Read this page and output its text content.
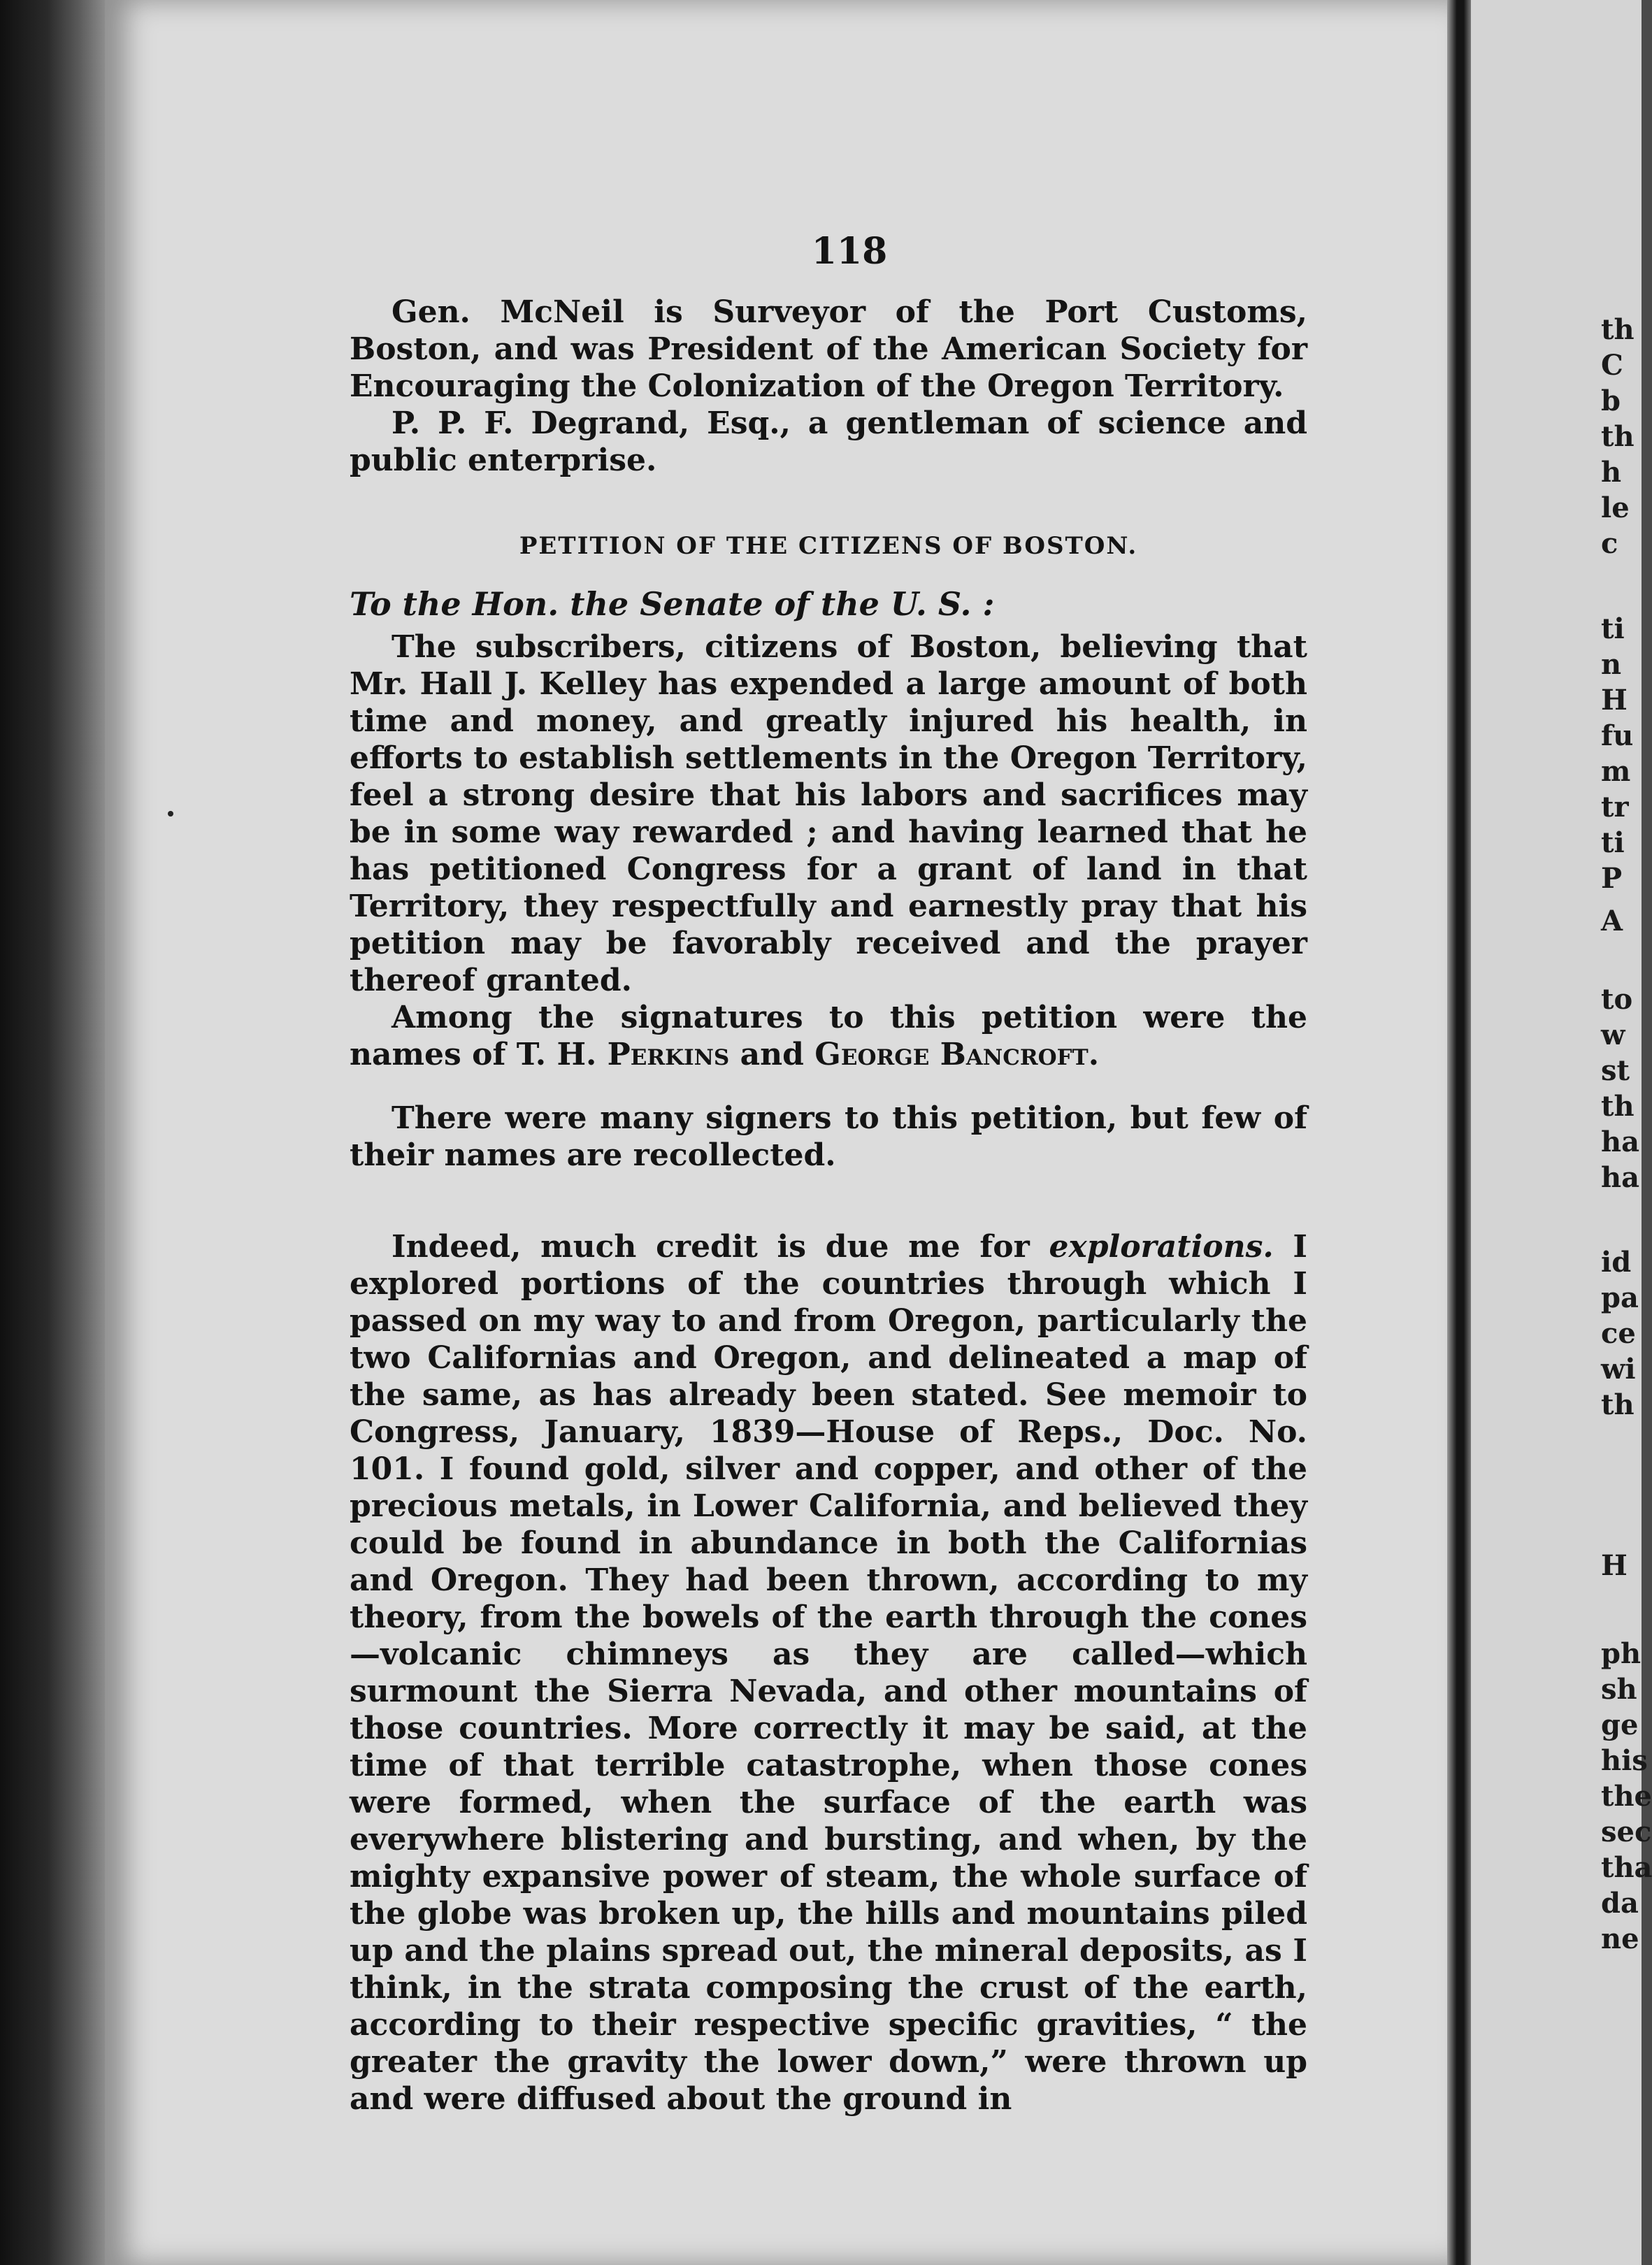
th
C
b
th
h
le
c
ti
n
H
fu
m
tr
ti
P
A
to
w
st
th
ha
ha
id
pa
ce
wi
th
H
ph
sh
ge
his
the
sec
tha
da
ne
118

Gen. McNeil is Surveyor of the Port Customs, Boston, and was President of the American Society for Encouraging the Colonization of the Oregon Territory.

P. P. F. Degrand, Esq., a gentleman of science and public enterprise.

PETITION OF THE CITIZENS OF BOSTON.
To the Hon. the Senate of the U. S. :

The subscribers, citizens of Boston, believing that Mr. Hall J. Kelley has expended a large amount of both time and money, and greatly injured his health, in efforts to establish settlements in the Oregon Territory, feel a strong desire that his labors and sacrifices may be in some way rewarded ; and having learned that he has petitioned Congress for a grant of land in that Territory, they respectfully and earnestly pray that his petition may be favorably received and the prayer thereof granted.

Among the signatures to this petition were the names of T. H. Perkins and George Bancroft.

There were many signers to this petition, but few of their names are recollected.

Indeed, much credit is due me for explorations. I explored portions of the countries through which I passed on my way to and from Oregon, particularly the two Californias and Oregon, and delineated a map of the same, as has already been stated. See memoir to Congress, January, 1839—House of Reps., Doc. No. 101. I found gold, silver and copper, and other of the precious metals, in Lower California, and believed they could be found in abundance in both the Californias and Oregon. They had been thrown, according to my theory, from the bowels of the earth through the cones—volcanic chimneys as they are called—which surmount the Sierra Nevada, and other mountains of those countries. More correctly it may be said, at the time of that terrible catastrophe, when those cones were formed, when the surface of the earth was everywhere blistering and bursting, and when, by the mighty expansive power of steam, the whole surface of the globe was broken up, the hills and mountains piled up and the plains spread out, the mineral deposits, as I think, in the strata composing the crust of the earth, according to their respective specific gravities, “ the greater the gravity the lower down,” were thrown up and were diffused about the ground in
